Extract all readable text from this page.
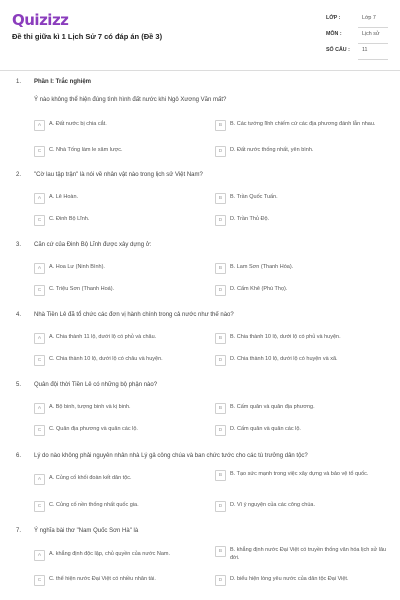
Quizizz
Đề thi giữa kì 1 Lịch Sử 7 có đáp án (Đề 3)
LỚP :	Lớp 7
MÔN :	Lịch sử
SỐ CÂU : 11
1. Phần I: Trắc nghiệm
Ý nào không thể hiện đúng tình hình đất nước khi Ngô Xương Văn mất?
A	A. Đất nước bị chia cắt.	B	B. Các tướng lĩnh chiếm cứ các địa phương đánh lẫn nhau.
C	C. Nhà Tống làm le xâm lược.	D	D. Đất nước thống nhất, yên bình.
2. "Cờ lau tập trận" là nói về nhân vật nào trong lịch sử Việt Nam?
A	A. Lê Hoàn.	B	B. Trần Quốc Tuấn.
C	C. Đinh Bộ Lĩnh.	D	D. Trần Thủ Độ.
3. Căn cứ của Đinh Bộ Lĩnh được xây dựng ở:
A	A. Hoa Lư (Ninh Bình).	B	B. Lam Sơn (Thanh Hóa).
C	C. Triệu Sơn (Thanh Hoá).	D	D. Cẩm Khê (Phú Thọ).
4. Nhà Tiền Lê đã tổ chức các đơn vị hành chính trong cả nước như thế nào?
A	A. Chia thành 11 lộ, dưới lộ có phủ và châu.	B	B. Chia thành 10 lộ, dưới lộ có phủ và huyện.
C	C. Chia thành 10 lộ, dưới lộ có châu và huyện.	D	D. Chia thành 10 lộ, dưới lộ có huyện và xã.
5. Quân đội thời Tiền Lê có những bộ phận nào?
A	A. Bộ binh, tượng binh và kị binh.	B	B. Cấm quân và quân địa phương.
C	C. Quân địa phương và quân các lộ.	D	D. Cấm quân và quân các lộ.
6. Lý do nào không phải nguyên nhân nhà Lý gả công chúa và ban chức tước cho các tù trưởng dân tộc?
A	A. Củng cố khối đoàn kết dân tộc.	B	B. Tạo sức mạnh trong việc xây dựng và bảo vệ tổ quốc.
C	C. Củng cố nền thống nhất quốc gia.	D	D. Vì ý nguyện của các công chúa.
7. Ý nghĩa bài thơ "Nam Quốc Sơn Hà" là
A	A. khẳng định độc lập, chủ quyền của nước Nam.	B	B. khẳng định nước Đại Việt có truyền thống văn hóa lịch sử lâu đời.
C	C. thể hiện nước Đại Việt có nhiều nhân tài.	D	D. biểu hiện lòng yêu nước của dân tộc Đại Việt.
